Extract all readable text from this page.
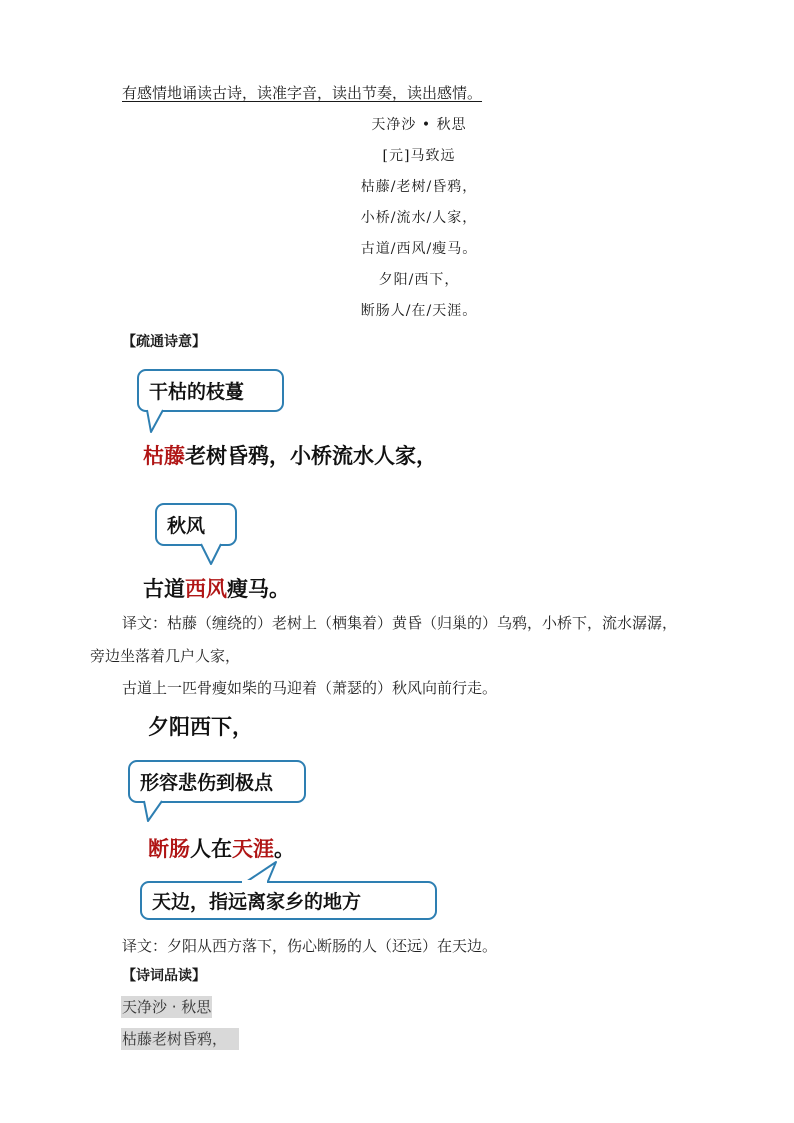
有感情地诵读古诗，读准字音，读出节奏，读出感情。
天净沙 • 秋思
[元]马致远
枯藤/老树/昏鸦，
小桥/流水/人家，
古道/西风/瘦马。
夕阳/西下，
断肠人/在/天涯。
【疏通诗意】
干枯的枝蔓
枯藤老树昏鸦，小桥流水人家，
秋风
古道西风瘦马。
译文：枯藤（缠绕的）老树上（栖集着）黄昏（归巢的）乌鸦，小桥下，流水潺潺，
旁边坐落着几户人家，
古道上一匹骨瘦如柴的马迎着（萧瑟的）秋风向前行走。
夕阳西下，
形容悲伤到极点
断肠人在天涯。
天边，指远离家乡的地方
译文：夕阳从西方落下，伤心断肠的人（还远）在天边。
【诗词品读】
天净沙 · 秋思
枯藤老树昏鸦，
